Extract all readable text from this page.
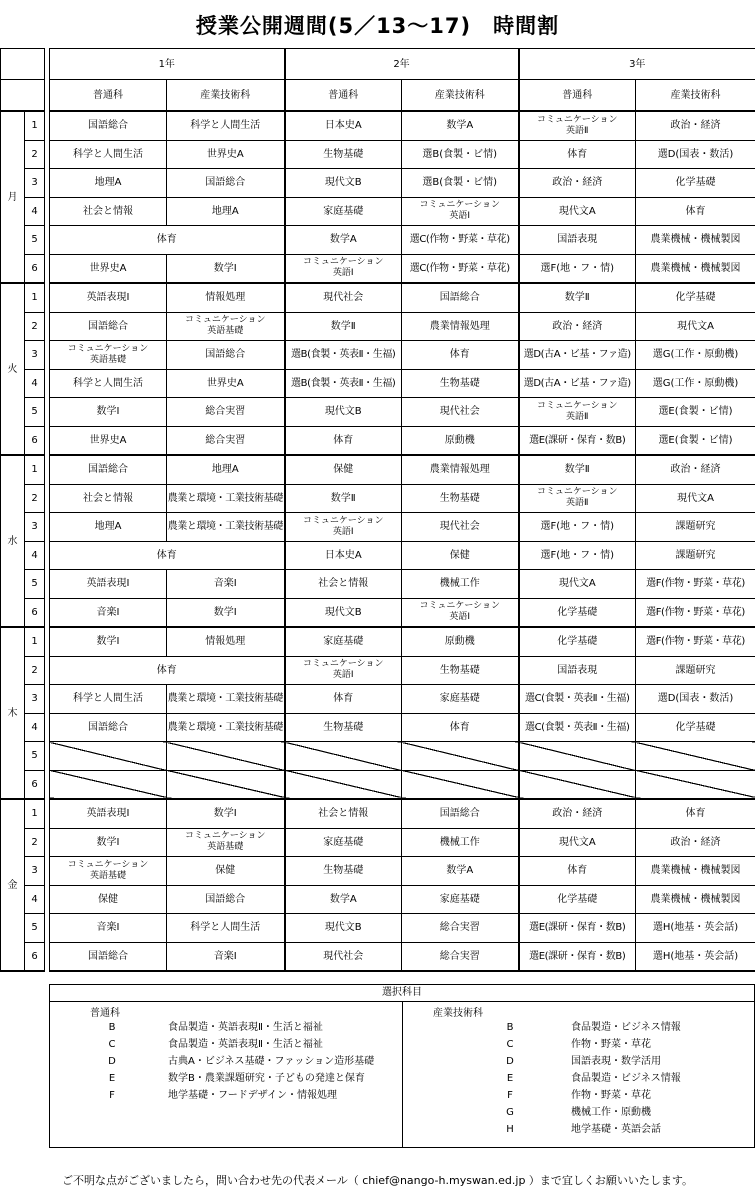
授業公開週間(5／13〜17)　時間割
			1年		2年		3年	
			普通科	産業技術科	普通科	産業技術科	普通科	産業技術科
月	1		国語総合	科学と人間生活	日本史A	数学A	コミュニケーション
英語Ⅱ	政治・経済
	2		科学と人間生活	世界史A	生物基礎	選B(食製・ビ情)	体育	選D(国表・数活)
	3		地理A	国語総合	現代文B	選B(食製・ビ情)	政治・経済	化学基礎
	4		社会と情報	地理A	家庭基礎	コミュニケーション
英語Ⅰ	現代文A	体育
	5		体育		数学A	選C(作物・野菜・草花)	国語表現	農業機械・機械製図
	6		世界史A	数学Ⅰ	コミュニケーション
英語Ⅰ	選C(作物・野菜・草花)	選F(地・フ・情)	農業機械・機械製図
火	1		英語表現Ⅰ	情報処理	現代社会	国語総合	数学Ⅱ	化学基礎
	2		国語総合	コミュニケーション
英語基礎	数学Ⅱ	農業情報処理	政治・経済	現代文A
	3		コミュニケーション
英語基礎	国語総合	選B(食製・英表Ⅱ・生福)	体育	選D(古A・ビ基・ファ造)	選G(工作・原動機)
	4		科学と人間生活	世界史A	選B(食製・英表Ⅱ・生福)	生物基礎	選D(古A・ビ基・ファ造)	選G(工作・原動機)
	5		数学Ⅰ	総合実習	現代文B	現代社会	コミュニケーション
英語Ⅱ	選E(食製・ビ情)
	6		世界史A	総合実習	体育	原動機	選E(課研・保育・数B)	選E(食製・ビ情)
水	1		国語総合	地理A	保健	農業情報処理	数学Ⅱ	政治・経済
	2		社会と情報	農業と環境・工業技術基礎	数学Ⅱ	生物基礎	コミュニケーション
英語Ⅱ	現代文A
	3		地理A	農業と環境・工業技術基礎	コミュニケーション
英語Ⅰ	現代社会	選F(地・フ・情)	課題研究
	4		体育		日本史A	保健	選F(地・フ・情)	課題研究
	5		英語表現Ⅰ	音楽Ⅰ	社会と情報	機械工作	現代文A	選F(作物・野菜・草花)
	6		音楽Ⅰ	数学Ⅰ	現代文B	コミュニケーション
英語Ⅰ	化学基礎	選F(作物・野菜・草花)
木	1		数学Ⅰ	情報処理	家庭基礎	原動機	化学基礎	選F(作物・野菜・草花)
	2		体育		コミュニケーション
英語Ⅰ	生物基礎	国語表現	課題研究
	3		科学と人間生活	農業と環境・工業技術基礎	体育	家庭基礎	選C(食製・英表Ⅱ・生福)	選D(国表・数活)
	4		国語総合	農業と環境・工業技術基礎	生物基礎	体育	選C(食製・英表Ⅱ・生福)	化学基礎
	5							
	6							
金	1		英語表現Ⅰ	数学Ⅰ	社会と情報	国語総合	政治・経済	体育
	2		数学Ⅰ	コミュニケーション
英語基礎	家庭基礎	機械工作	現代文A	政治・経済
	3		コミュニケーション
英語基礎	保健	生物基礎	数学A	体育	農業機械・機械製図
	4		保健	国語総合	数学A	家庭基礎	化学基礎	農業機械・機械製図
	5		音楽Ⅰ	科学と人間生活	現代文B	総合実習	選E(課研・保育・数B)	選H(地基・英会話)
	6		国語総合	音楽Ⅰ	現代社会	総合実習	選E(課研・保育・数B)	選H(地基・英会話)
選択科目
普通科
B	食品製造・英語表現Ⅱ・生活と福祉
C	食品製造・英語表現Ⅱ・生活と福祉
D	古典A・ビジネス基礎・ファッション造形基礎
E	数学B・農業課題研究・子どもの発達と保育
F	地学基礎・フードデザイン・情報処理
産業技術科
B	食品製造・ビジネス情報
C	作物・野菜・草花
D	国語表現・数学活用
E	食品製造・ビジネス情報
F	作物・野菜・草花
G	機械工作・原動機
H	地学基礎・英語会話
ご不明な点がございましたら，問い合わせ先の代表メール（ chief@nango-h.myswan.ed.jp ）まで宜しくお願いいたします。
